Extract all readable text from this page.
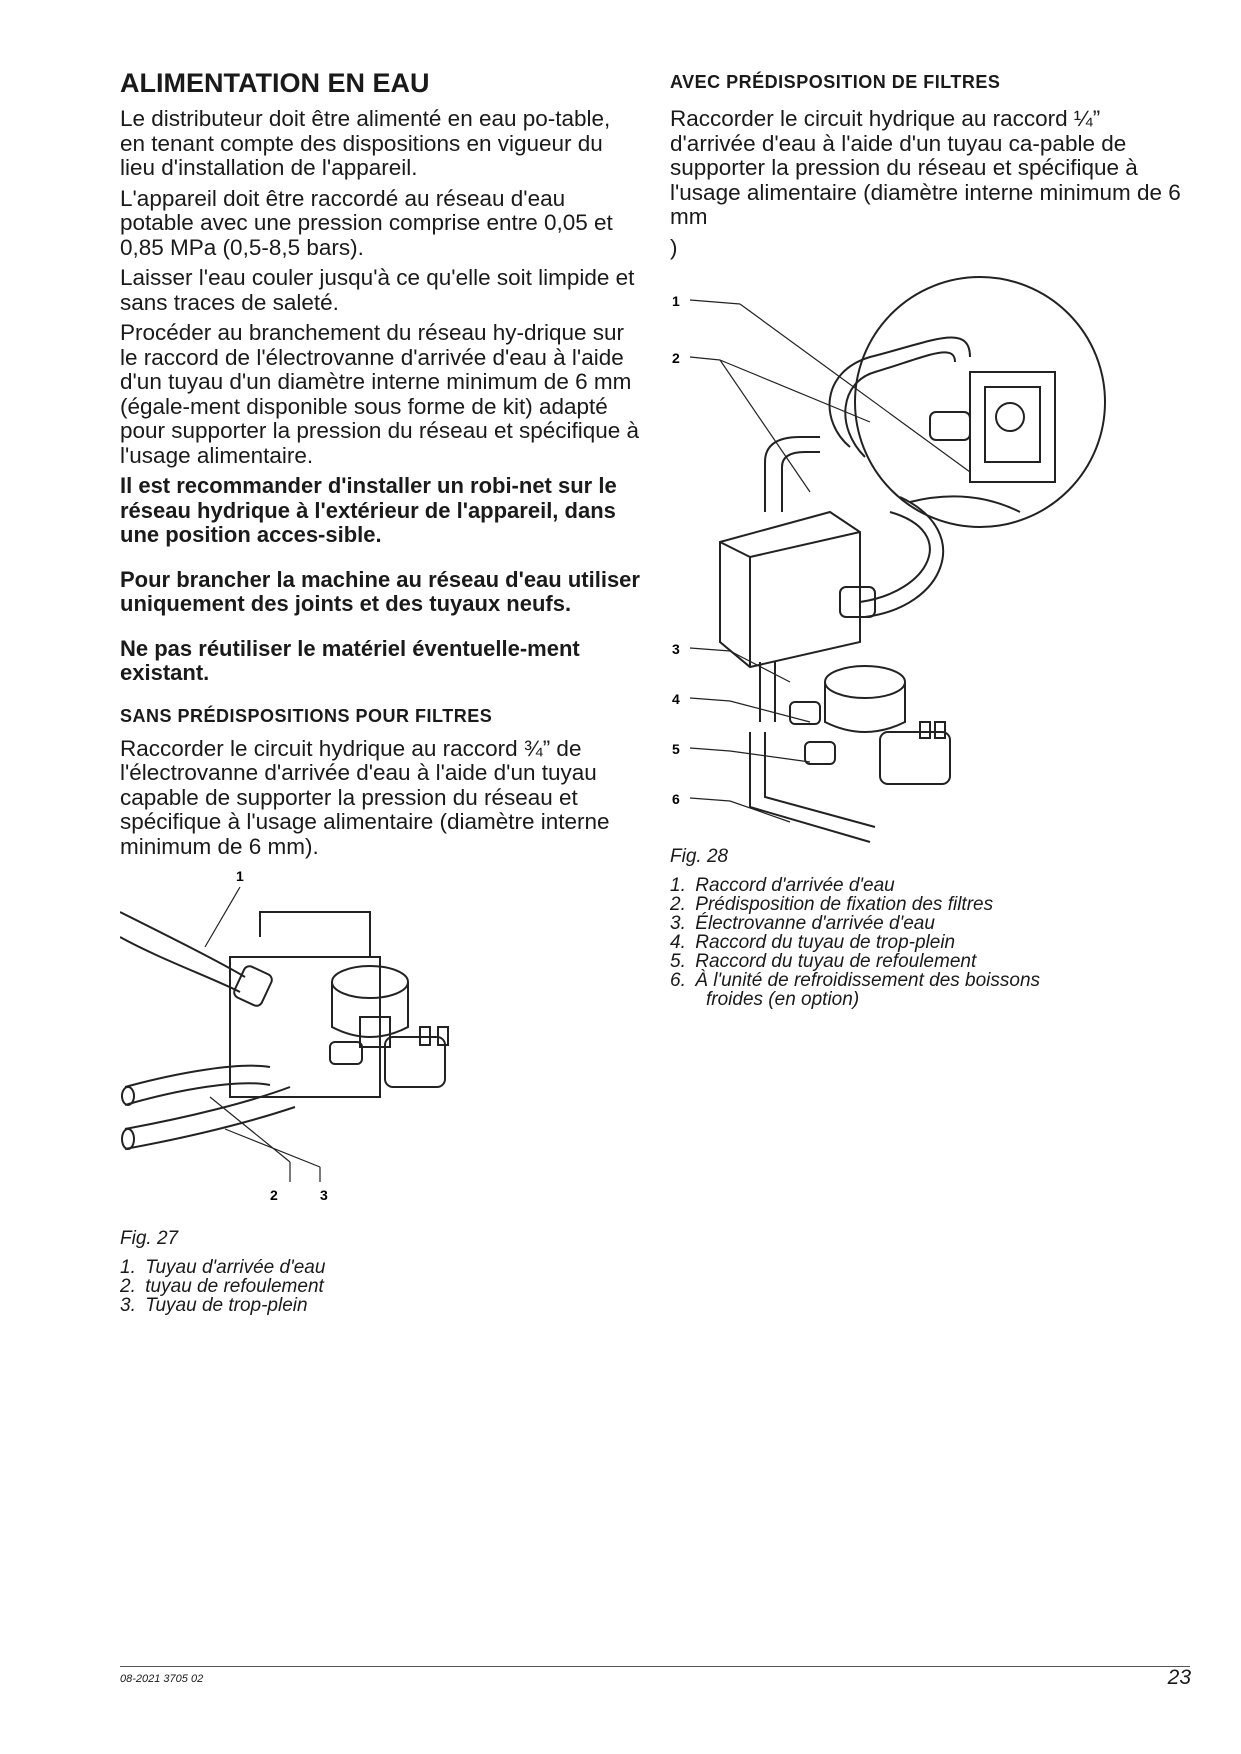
ALIMENTATION EN EAU

Le distributeur doit être alimenté en eau po-table, en tenant compte des dispositions en vigueur du lieu d'installation de l'appareil.

L'appareil doit être raccordé au réseau d'eau potable avec une pression comprise entre 0,05 et 0,85 MPa (0,5-8,5 bars).

Laisser l'eau couler jusqu'à ce qu'elle soit limpide et sans traces de saleté.

Procéder au branchement du réseau hy-drique sur le raccord de l'électrovanne d'arrivée d'eau à l'aide d'un tuyau d'un diamètre interne minimum de 6 mm (égale-ment disponible sous forme de kit) adapté pour supporter la pression du réseau et spécifique à l'usage alimentaire.

Il est recommander d'installer un robi-net sur le réseau hydrique à l'extérieur de l'appareil, dans une position acces-sible.

Pour brancher la machine au réseau d'eau utiliser uniquement des joints et des tuyaux neufs.

Ne pas réutiliser le matériel éventuelle-ment existant.

SANS PRÉDISPOSITIONS POUR FILTRES

Raccorder le circuit hydrique au raccord ¾” de l'électrovanne d'arrivée d'eau à l'aide d'un tuyau capable de supporter la pression du réseau et spécifique à l'usage alimentaire (diamètre interne minimum de 6 mm).

1
2	3
Fig. 27
1. Tuyau d'arrivée d'eau
2. tuyau de refoulement
3. Tuyau de trop-plein
AVEC PRÉDISPOSITION DE FILTRES

Raccorder le circuit hydrique au raccord ¼” d'arrivée d'eau à l'aide d'un tuyau ca-pable de supporter la pression du réseau et spécifique à l'usage alimentaire (diamètre interne minimum de 6 mm

)

1
2
3
4
5
6
Fig. 28
1. Raccord d'arrivée d'eau
2. Prédisposition de fixation des filtres
3. Électrovanne d'arrivée d'eau
4. Raccord du tuyau de trop-plein
5. Raccord du tuyau de refoulement
6. À l'unité de refroidissement des boissons
froides (en option)
08-2021 3705 02	23
